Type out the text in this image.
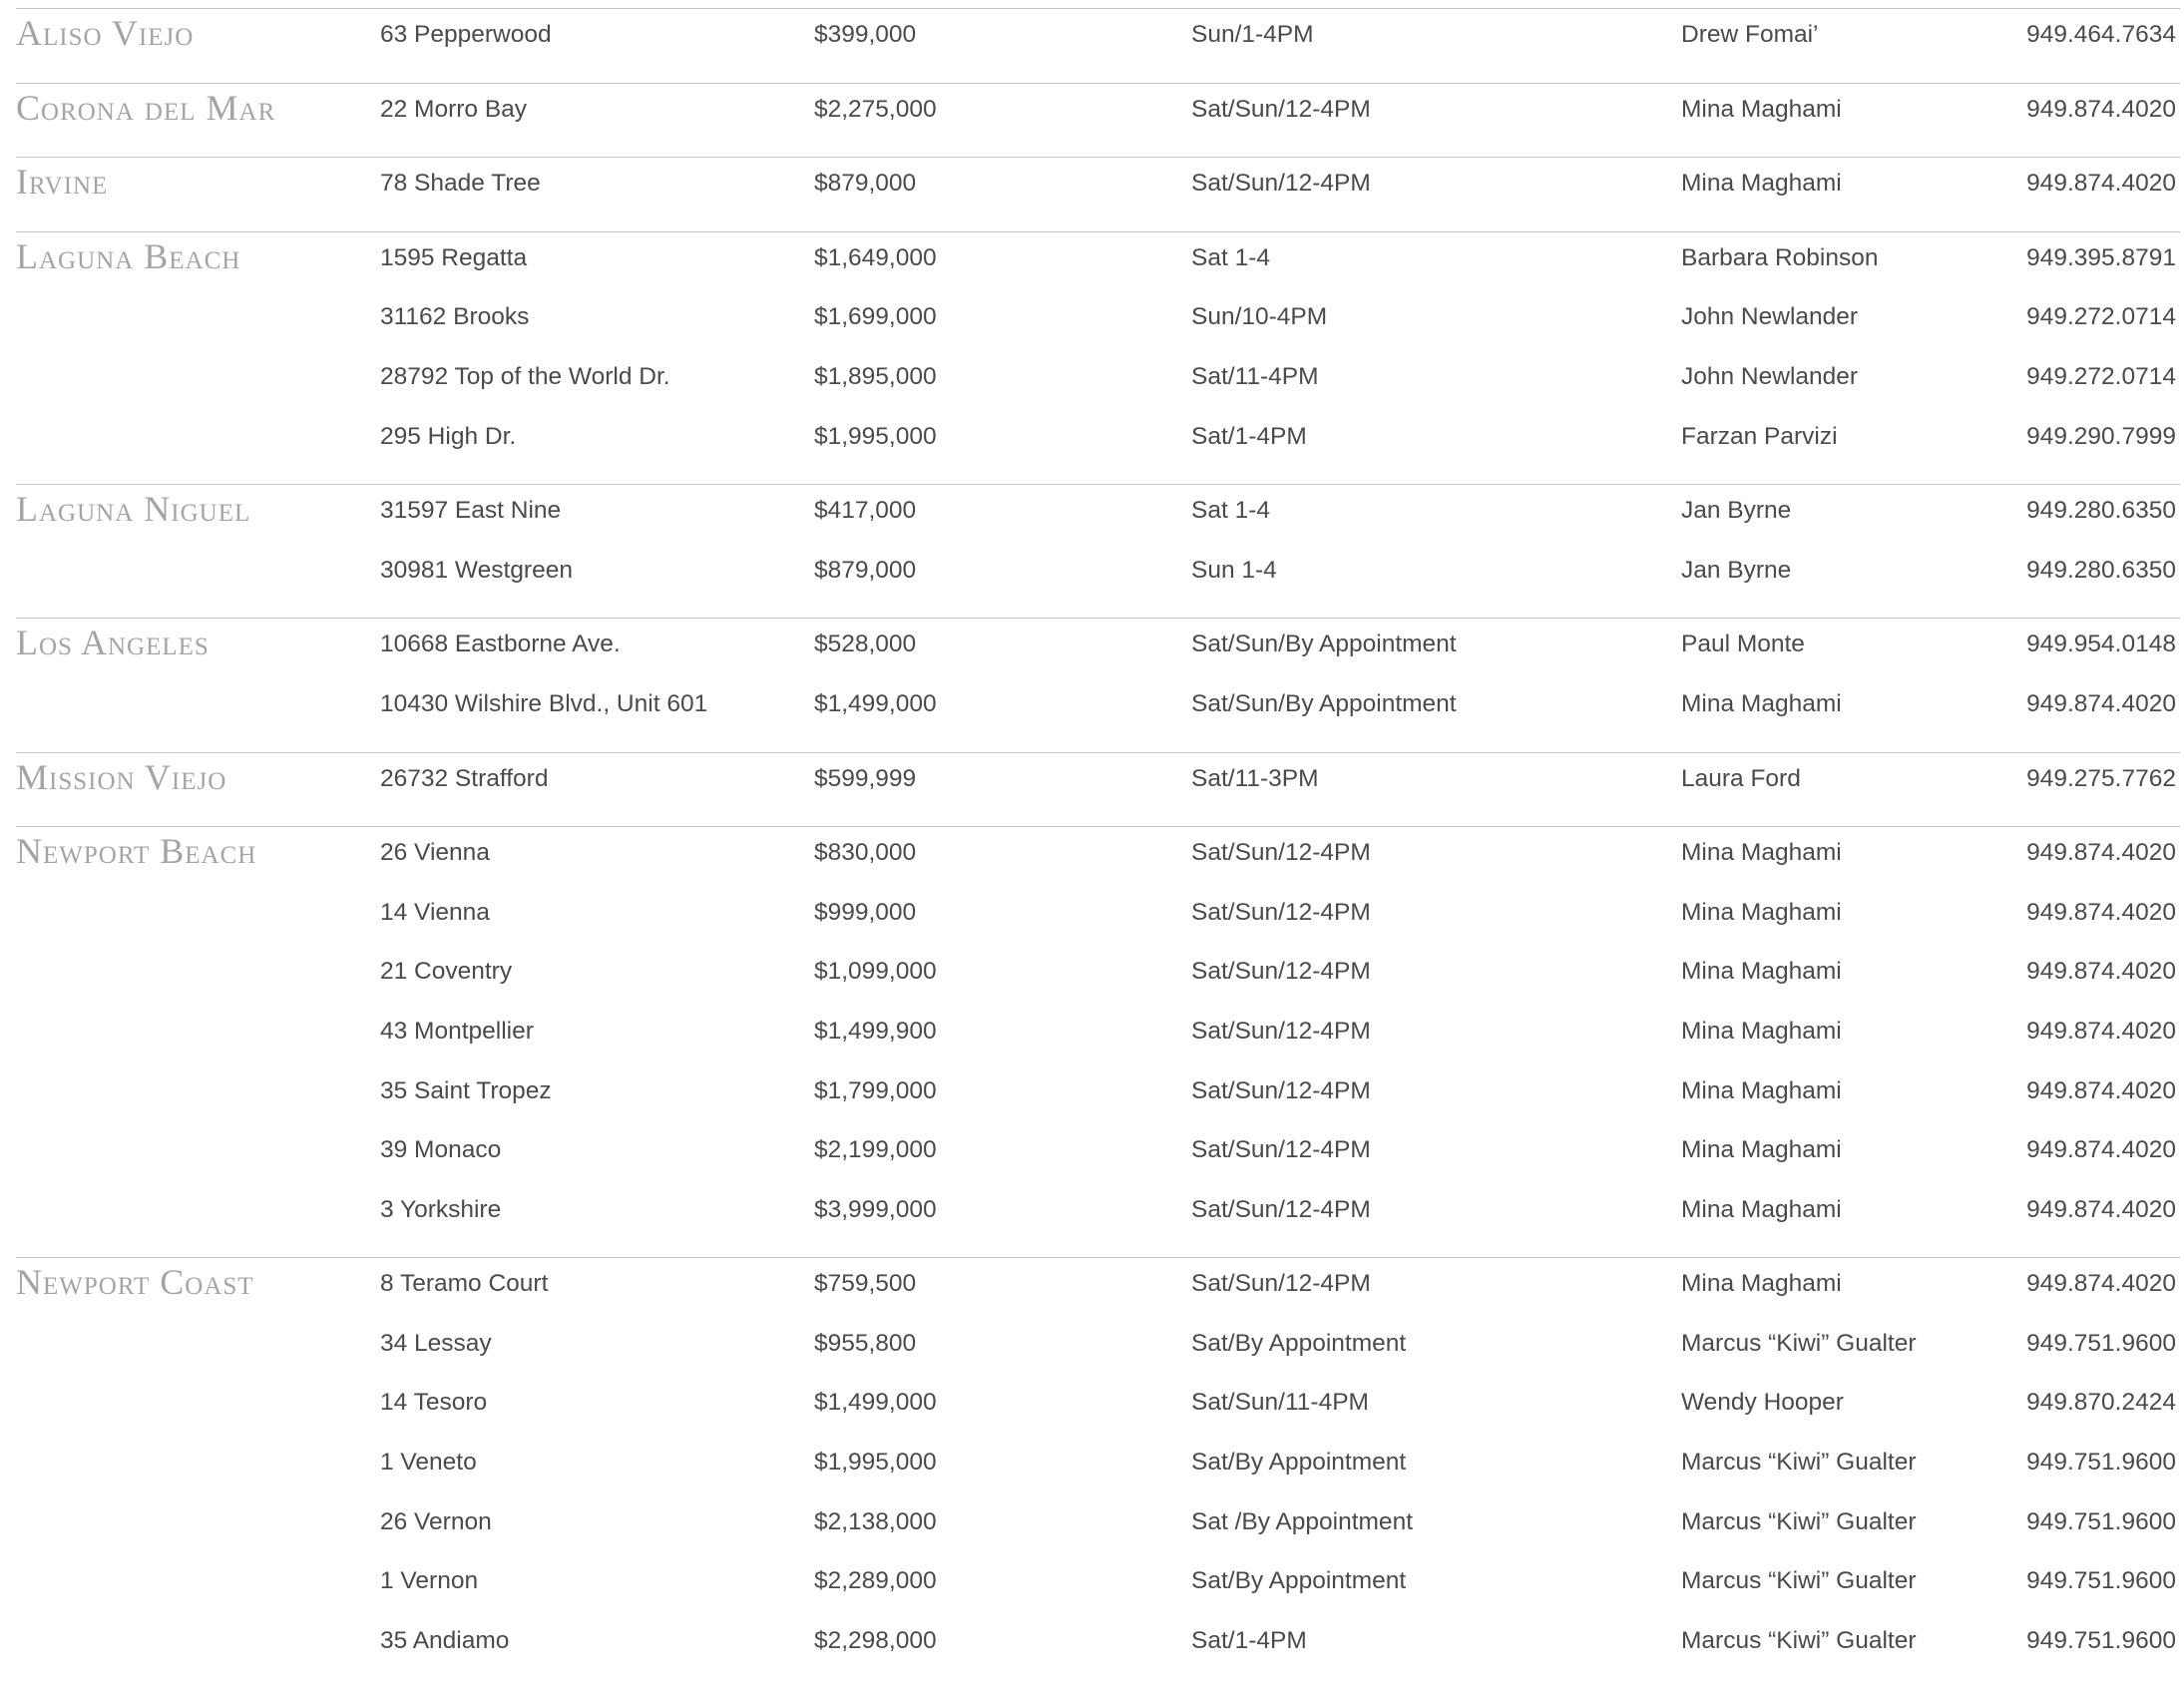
Aliso Viejo	63 Pepperwood	$399,000	Sun/1-4PM	Drew Fomai’	949.464.7634
Corona del Mar	22 Morro Bay	$2,275,000	Sat/Sun/12-4PM	Mina Maghami	949.874.4020
Irvine	78 Shade Tree	$879,000	Sat/Sun/12-4PM	Mina Maghami	949.874.4020
Laguna Beach	1595 Regatta	$1,649,000	Sat 1-4	Barbara Robinson	949.395.8791
31162 Brooks	$1,699,000	Sun/10-4PM	John Newlander	949.272.0714
28792 Top of the World Dr.	$1,895,000	Sat/11-4PM	John Newlander	949.272.0714
295 High Dr.	$1,995,000	Sat/1-4PM	Farzan Parvizi	949.290.7999
Laguna Niguel	31597 East Nine	$417,000	Sat 1-4	Jan Byrne	949.280.6350
30981 Westgreen	$879,000	Sun 1-4	Jan Byrne	949.280.6350
Los Angeles	10668 Eastborne Ave.	$528,000	Sat/Sun/By Appointment	Paul Monte	949.954.0148
10430 Wilshire Blvd., Unit 601	$1,499,000	Sat/Sun/By Appointment	Mina Maghami	949.874.4020
Mission Viejo	26732 Strafford	$599,999	Sat/11-3PM	Laura Ford	949.275.7762
Newport Beach	26 Vienna	$830,000	Sat/Sun/12-4PM	Mina Maghami	949.874.4020
14 Vienna	$999,000	Sat/Sun/12-4PM	Mina Maghami	949.874.4020
21 Coventry	$1,099,000	Sat/Sun/12-4PM	Mina Maghami	949.874.4020
43 Montpellier	$1,499,900	Sat/Sun/12-4PM	Mina Maghami	949.874.4020
35 Saint Tropez	$1,799,000	Sat/Sun/12-4PM	Mina Maghami	949.874.4020
39 Monaco	$2,199,000	Sat/Sun/12-4PM	Mina Maghami	949.874.4020
3 Yorkshire	$3,999,000	Sat/Sun/12-4PM	Mina Maghami	949.874.4020
Newport Coast	8 Teramo Court	$759,500	Sat/Sun/12-4PM	Mina Maghami	949.874.4020
34 Lessay	$955,800	Sat/By Appointment	Marcus “Kiwi” Gualter	949.751.9600
14 Tesoro	$1,499,000	Sat/Sun/11-4PM	Wendy Hooper	949.870.2424
1 Veneto	$1,995,000	Sat/By Appointment	Marcus “Kiwi” Gualter	949.751.9600
26 Vernon	$2,138,000	Sat /By Appointment	Marcus “Kiwi” Gualter	949.751.9600
1 Vernon	$2,289,000	Sat/By Appointment	Marcus “Kiwi” Gualter	949.751.9600
35 Andiamo	$2,298,000	Sat/1-4PM	Marcus “Kiwi” Gualter	949.751.9600
